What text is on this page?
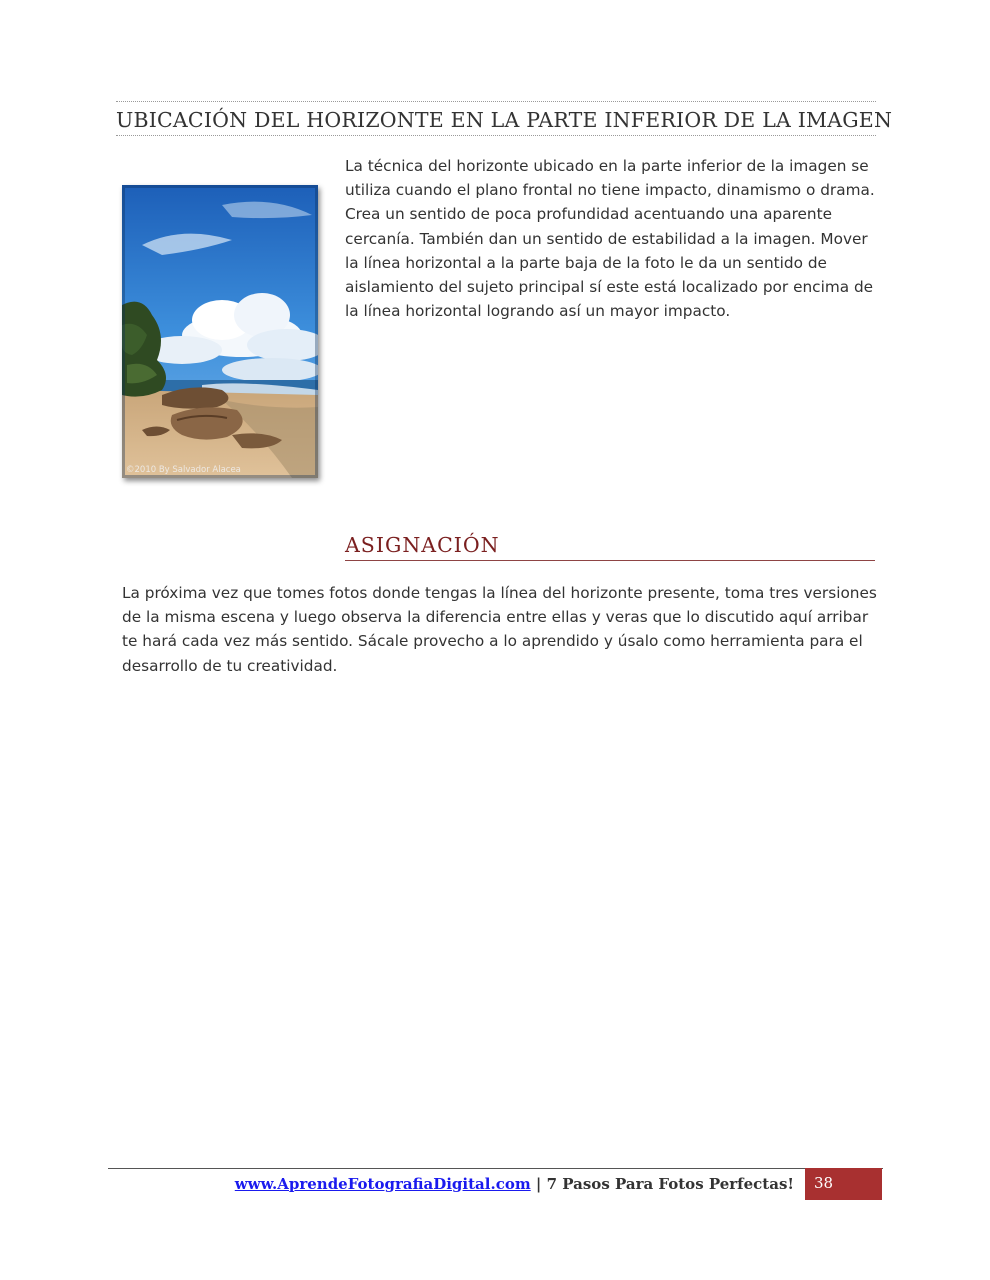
UBICACIÓN DEL HORIZONTE EN LA PARTE INFERIOR DE LA IMAGEN
©2010 By Salvador Alacea

La técnica del horizonte ubicado en la parte inferior de la imagen se utiliza cuando el plano frontal no tiene impacto, dinamismo o drama. Crea un sentido de poca profundidad acentuando una aparente cercanía. También dan un sentido de estabilidad a la imagen. Mover la línea horizontal a la parte baja de la foto le da un sentido de aislamiento del sujeto principal sí este está localizado por encima de la línea horizontal logrando así un mayor impacto.

ASIGNACIÓN

La próxima vez que tomes fotos donde tengas la línea del horizonte presente, toma tres versiones de la misma escena y luego observa la diferencia entre ellas y veras que lo discutido aquí arribar te hará cada vez más sentido. Sácale provecho a lo aprendido y úsalo como herramienta para el desarrollo de tu creatividad.

www.AprendeFotografiaDigital.com | 7 Pasos Para Fotos Perfectas!	38
